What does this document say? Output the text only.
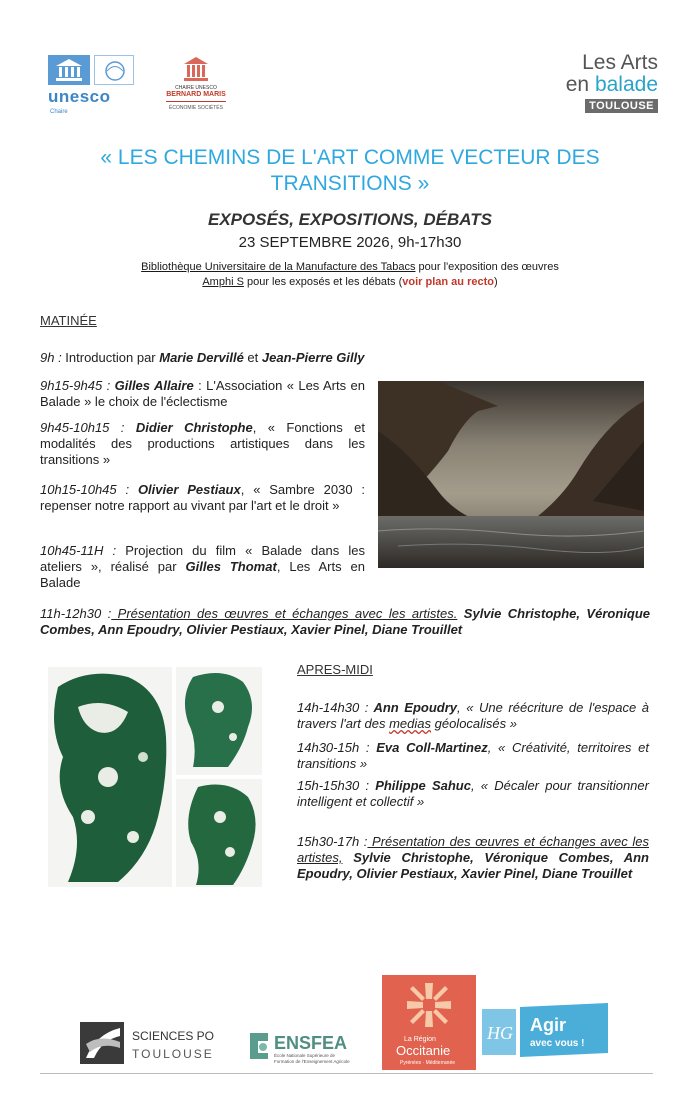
unesco
Chaire
CHAIRE UNESCO
BERNARD MARIS
ÉCONOMIE SOCIÉTÉS
Les Arts
en balade
TOULOUSE
« LES CHEMINS DE L'ART COMME VECTEUR DES TRANSITIONS »
EXPOSÉS, EXPOSITIONS, DÉBATS
23 SEPTEMBRE 2026, 9h-17h30
Bibliothèque Universitaire de la Manufacture des Tabacs pour l'exposition des œuvres
Amphi S pour les exposés et les débats (voir plan au recto)
MATINÉE
9h : Introduction par Marie Dervillé et Jean-Pierre Gilly
9h15-9h45 : Gilles Allaire : L'Association « Les Arts en Balade » le choix de l'éclectisme
9h45-10h15 : Didier Christophe, « Fonctions et modalités des productions artistiques dans les transitions »
10h15-10h45 : Olivier Pestiaux, « Sambre 2030 : repenser notre rapport au vivant par l'art et le droit »
10h45-11H : Projection du film « Balade dans les ateliers », réalisé par Gilles Thomat, Les Arts en Balade
11h-12h30 : Présentation des œuvres et échanges avec les artistes. Sylvie Christophe, Véronique Combes, Ann Epoudry, Olivier Pestiaux, Xavier Pinel, Diane Trouillet
APRES-MIDI
14h-14h30 : Ann Epoudry, « Une réécriture de l'espace à travers l'art des medias géolocalisés »
14h30-15h : Eva Coll-Martinez, « Créativité, territoires et transitions »
15h-15h30 : Philippe Sahuc, « Décaler pour transitionner intelligent et collectif »
15h30-17h : Présentation des œuvres et échanges avec les artistes, Sylvie Christophe, Véronique Combes, Ann Epoudry, Olivier Pestiaux, Xavier Pinel, Diane Trouillet
SCIENCES PO
TOULOUSE
ENSFEA
École Nationale Supérieure de
Formation de l'Enseignement Agricole
La Région
Occitanie
Pyrénées · Méditerranée
HG Agir
avec vous !
